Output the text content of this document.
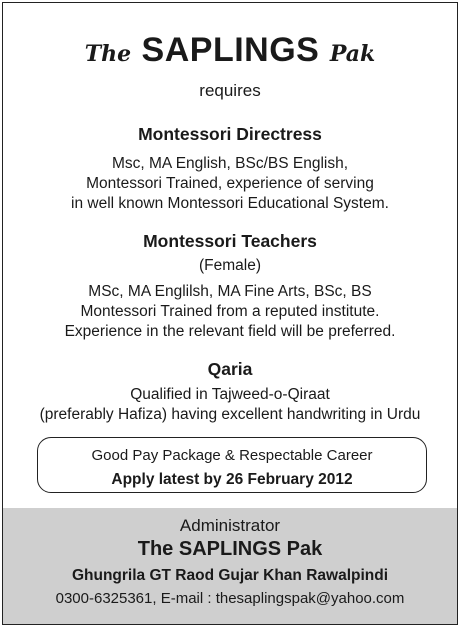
The SAPLINGS Pak
requires
Montessori Directress
Msc, MA English, BSc/BS English,
Montessori Trained, experience of serving
in well known Montessori Educational System.
Montessori Teachers
(Female)
MSc, MA Englilsh, MA Fine Arts, BSc, BS
Montessori Trained from a reputed institute.
Experience in the relevant field will be preferred.
Qaria
Qualified in Tajweed-o-Qiraat
(preferably Hafiza) having excellent handwriting in Urdu
Good Pay Package & Respectable Career
Apply latest by 26 February 2012
Administrator
The SAPLINGS Pak
Ghungrila GT Raod Gujar Khan Rawalpindi
0300-6325361, E-mail : thesaplingspak@yahoo.com
